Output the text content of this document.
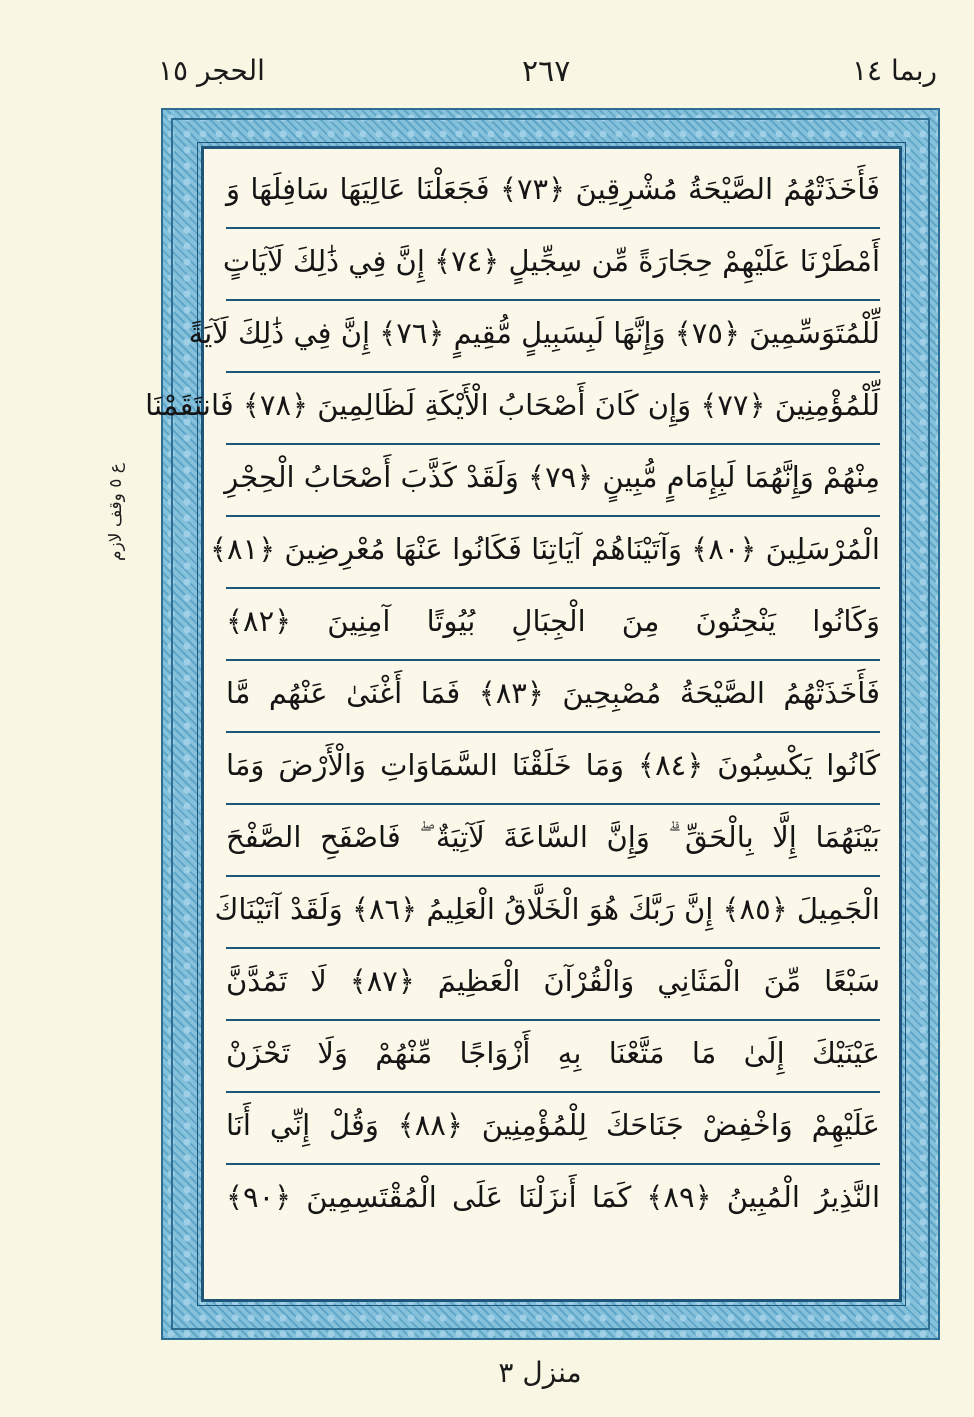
الحجر ١٥	٢٦٧	ربما ١٤
ع ٥ وقف لازم
فَأَخَذَتْهُمُ الصَّيْحَةُ مُشْرِقِينَ ﴿٧٣﴾ فَجَعَلْنَا عَالِيَهَا سَافِلَهَا وَ
أَمْطَرْنَا عَلَيْهِمْ حِجَارَةً مِّن سِجِّيلٍ ﴿٧٤﴾ إِنَّ فِي ذَٰلِكَ لَآيَاتٍ
لِّلْمُتَوَسِّمِينَ ﴿٧٥﴾ وَإِنَّهَا لَبِسَبِيلٍ مُّقِيمٍ ﴿٧٦﴾ إِنَّ فِي ذَٰلِكَ لَآيَةً
لِّلْمُؤْمِنِينَ ﴿٧٧﴾ وَإِن كَانَ أَصْحَابُ الْأَيْكَةِ لَظَالِمِينَ ﴿٧٨﴾ فَانتَقَمْنَا
مِنْهُمْ وَإِنَّهُمَا لَبِإِمَامٍ مُّبِينٍ ﴿٧٩﴾ وَلَقَدْ كَذَّبَ أَصْحَابُ الْحِجْرِ
الْمُرْسَلِينَ ﴿٨٠﴾ وَآتَيْنَاهُمْ آيَاتِنَا فَكَانُوا عَنْهَا مُعْرِضِينَ ﴿٨١﴾
وَكَانُوا يَنْحِتُونَ مِنَ الْجِبَالِ بُيُوتًا آمِنِينَ ﴿٨٢﴾
فَأَخَذَتْهُمُ الصَّيْحَةُ مُصْبِحِينَ ﴿٨٣﴾ فَمَا أَغْنَىٰ عَنْهُم مَّا
كَانُوا يَكْسِبُونَ ﴿٨٤﴾ وَمَا خَلَقْنَا السَّمَاوَاتِ وَالْأَرْضَ وَمَا
بَيْنَهُمَا إِلَّا بِالْحَقِّ ۗ وَإِنَّ السَّاعَةَ لَآتِيَةٌ ۖ فَاصْفَحِ الصَّفْحَ
الْجَمِيلَ ﴿٨٥﴾ إِنَّ رَبَّكَ هُوَ الْخَلَّاقُ الْعَلِيمُ ﴿٨٦﴾ وَلَقَدْ آتَيْنَاكَ
سَبْعًا مِّنَ الْمَثَانِي وَالْقُرْآنَ الْعَظِيمَ ﴿٨٧﴾ لَا تَمُدَّنَّ
عَيْنَيْكَ إِلَىٰ مَا مَتَّعْنَا بِهِ أَزْوَاجًا مِّنْهُمْ وَلَا تَحْزَنْ
عَلَيْهِمْ وَاخْفِضْ جَنَاحَكَ لِلْمُؤْمِنِينَ ﴿٨٨﴾ وَقُلْ إِنِّي أَنَا
النَّذِيرُ الْمُبِينُ ﴿٨٩﴾ كَمَا أَنزَلْنَا عَلَى الْمُقْتَسِمِينَ ﴿٩٠﴾
منزل ٣
